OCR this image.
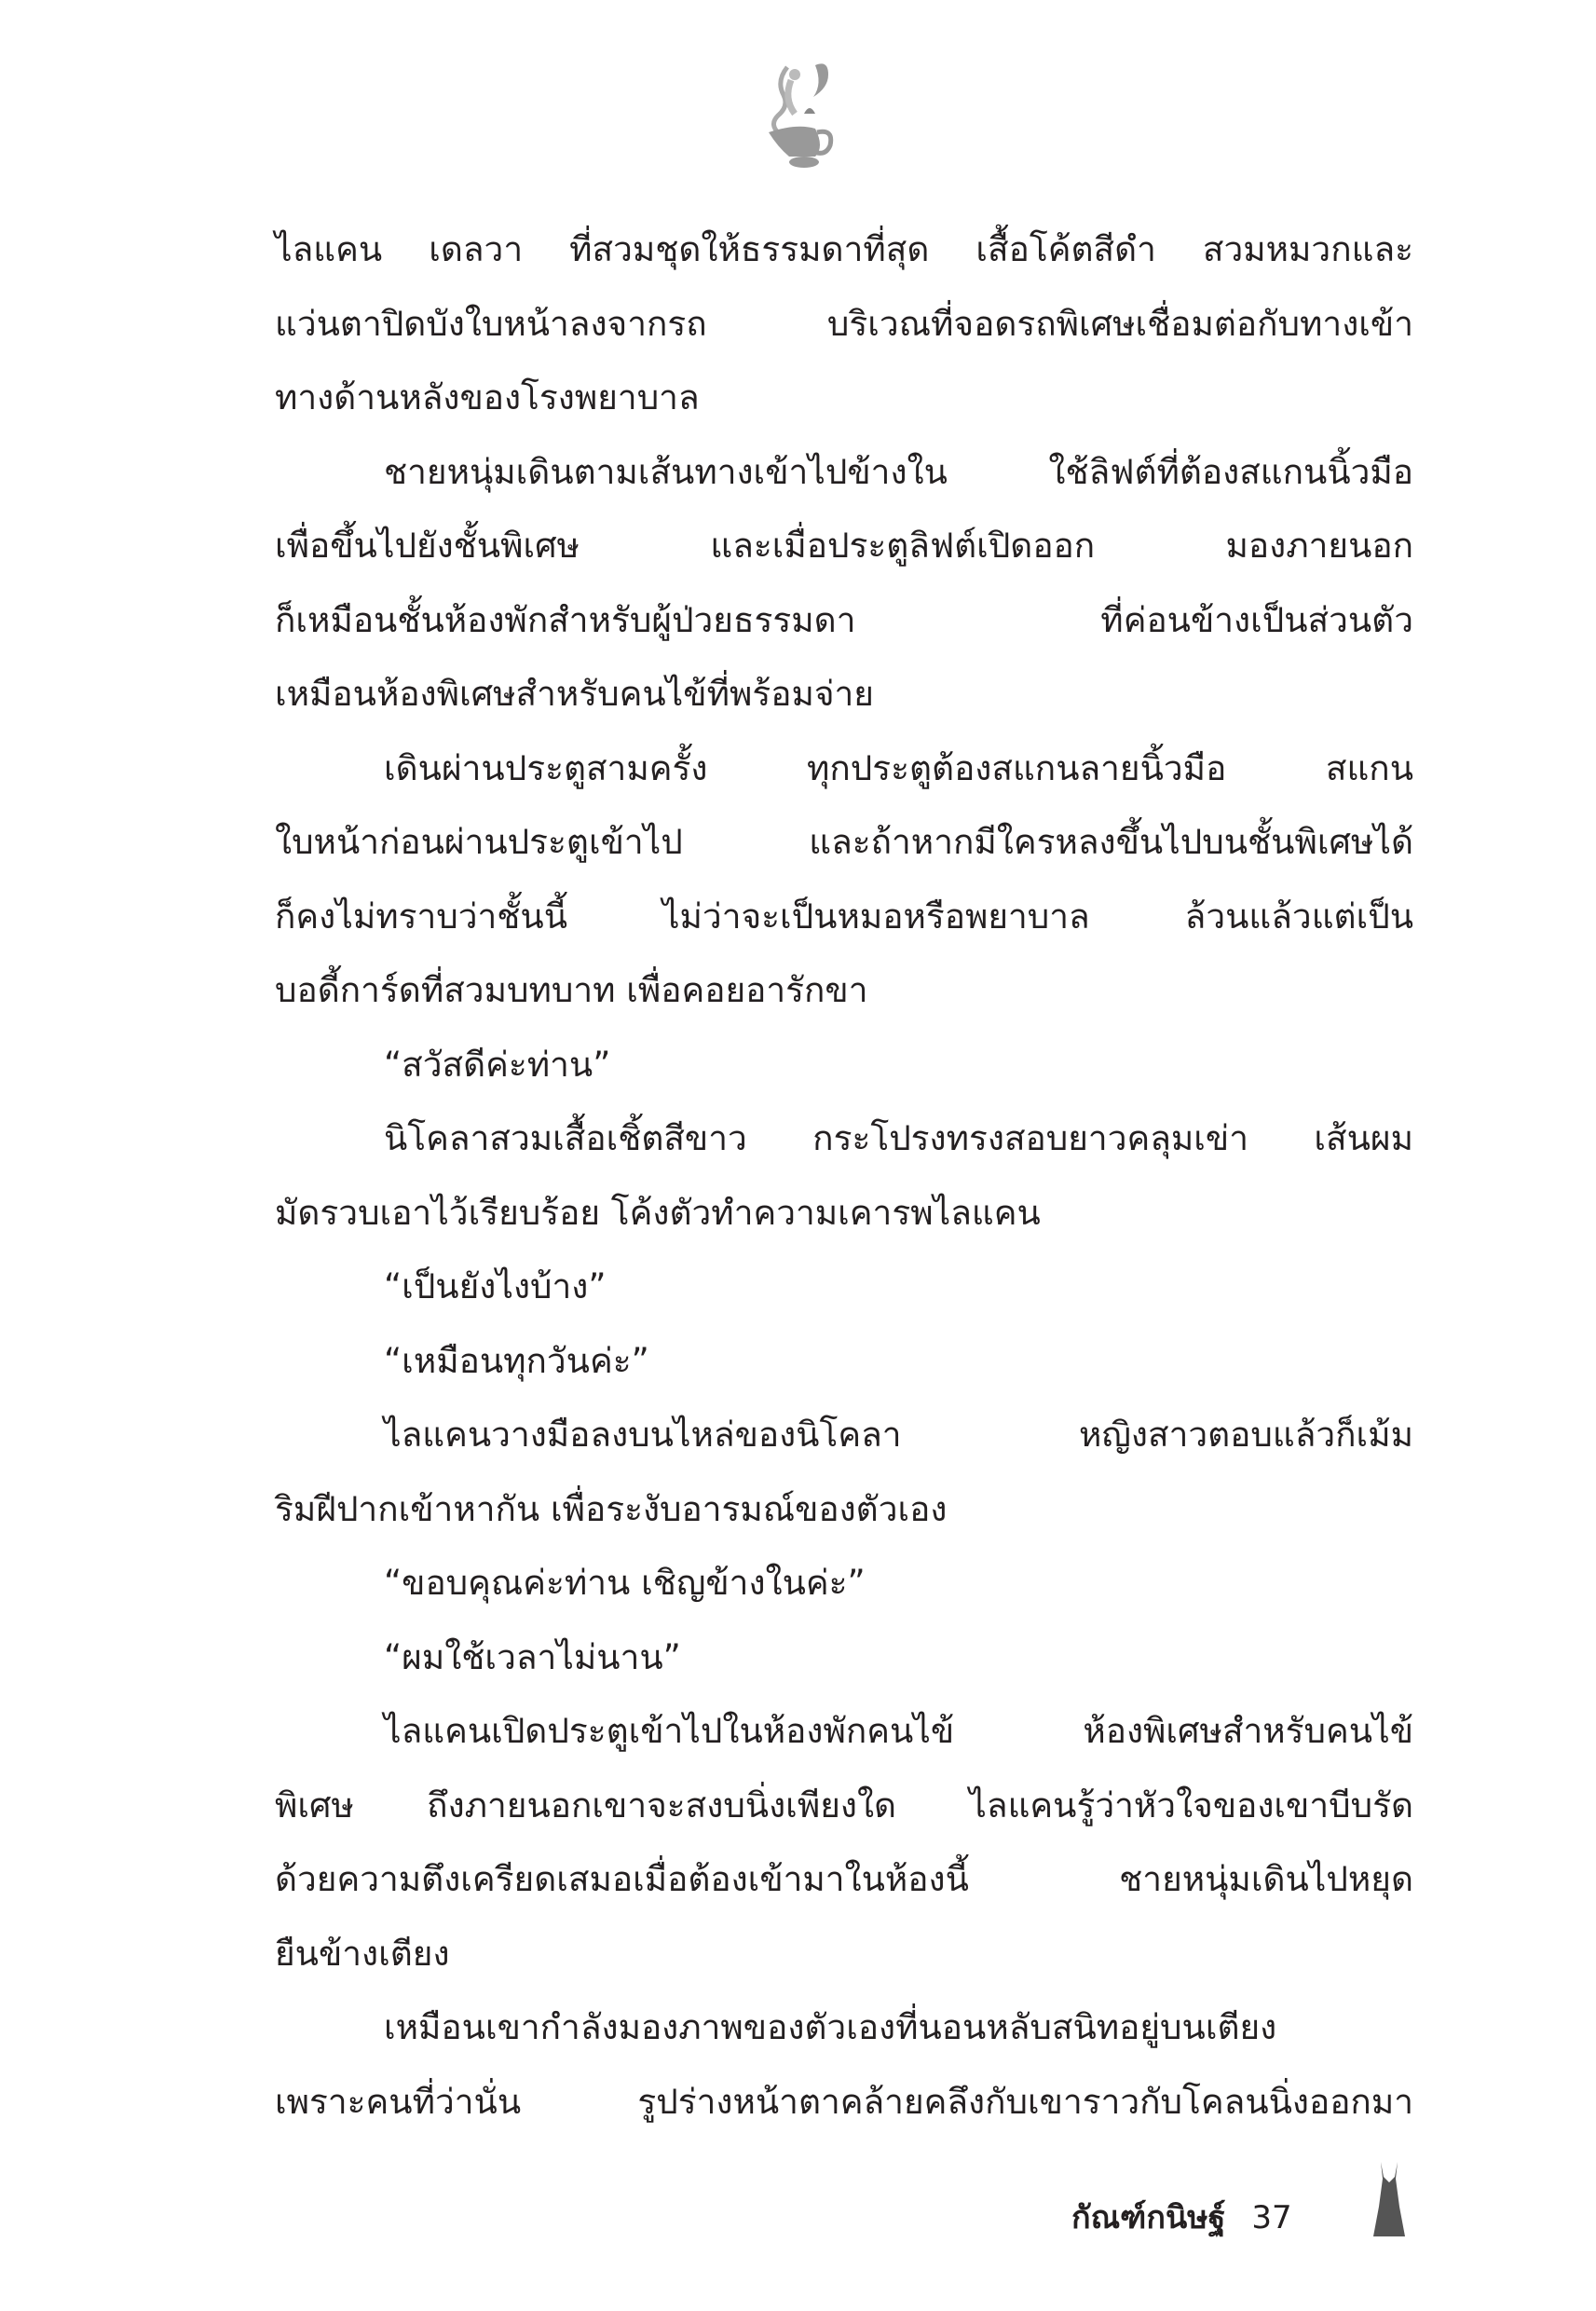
ไลแคน เดลวา ที่สวมชุดให้ธรรมดาที่สุด เสื้อโค้ตสีดำ สวมหมวกและ
แว่นตาปิดบังใบหน้าลงจากรถ บริเวณที่จอดรถพิเศษเชื่อมต่อกับทางเข้า
ทางด้านหลังของโรงพยาบาล
ชายหนุ่มเดินตามเส้นทางเข้าไปข้างใน ใช้ลิฟต์ที่ต้องสแกนนิ้วมือ
เพื่อขึ้นไปยังชั้นพิเศษ และเมื่อประตูลิฟต์เปิดออก มองภายนอก
ก็เหมือนชั้นห้องพักสำหรับผู้ป่วยธรรมดา ที่ค่อนข้างเป็นส่วนตัว
เหมือนห้องพิเศษสำหรับคนไข้ที่พร้อมจ่าย
เดินผ่านประตูสามครั้ง ทุกประตูต้องสแกนลายนิ้วมือ สแกน
ใบหน้าก่อนผ่านประตูเข้าไป และถ้าหากมีใครหลงขึ้นไปบนชั้นพิเศษได้
ก็คงไม่ทราบว่าชั้นนี้ ไม่ว่าจะเป็นหมอหรือพยาบาล ล้วนแล้วแต่เป็น
บอดี้การ์ดที่สวมบทบาท เพื่อคอยอารักขา
“สวัสดีค่ะท่าน”
นิโคลาสวมเสื้อเชิ้ตสีขาว กระโปรงทรงสอบยาวคลุมเข่า เส้นผม
มัดรวบเอาไว้เรียบร้อย โค้งตัวทำความเคารพไลแคน
“เป็นยังไงบ้าง”
“เหมือนทุกวันค่ะ”
ไลแคนวางมือลงบนไหล่ของนิโคลา หญิงสาวตอบแล้วก็เม้ม
ริมฝีปากเข้าหากัน เพื่อระงับอารมณ์ของตัวเอง
“ขอบคุณค่ะท่าน เชิญข้างในค่ะ”
“ผมใช้เวลาไม่นาน”
ไลแคนเปิดประตูเข้าไปในห้องพักคนไข้ ห้องพิเศษสำหรับคนไข้
พิเศษ ถึงภายนอกเขาจะสงบนิ่งเพียงใด ไลแคนรู้ว่าหัวใจของเขาบีบรัด
ด้วยความตึงเครียดเสมอเมื่อต้องเข้ามาในห้องนี้ ชายหนุ่มเดินไปหยุด
ยืนข้างเตียง
เหมือนเขากำลังมองภาพของตัวเองที่นอนหลับสนิทอยู่บนเตียง
เพราะคนที่ว่านั่น รูปร่างหน้าตาคล้ายคลึงกับเขาราวกับโคลนนิ่งออกมา
กัณฑ์กนิษฐ์ 37
